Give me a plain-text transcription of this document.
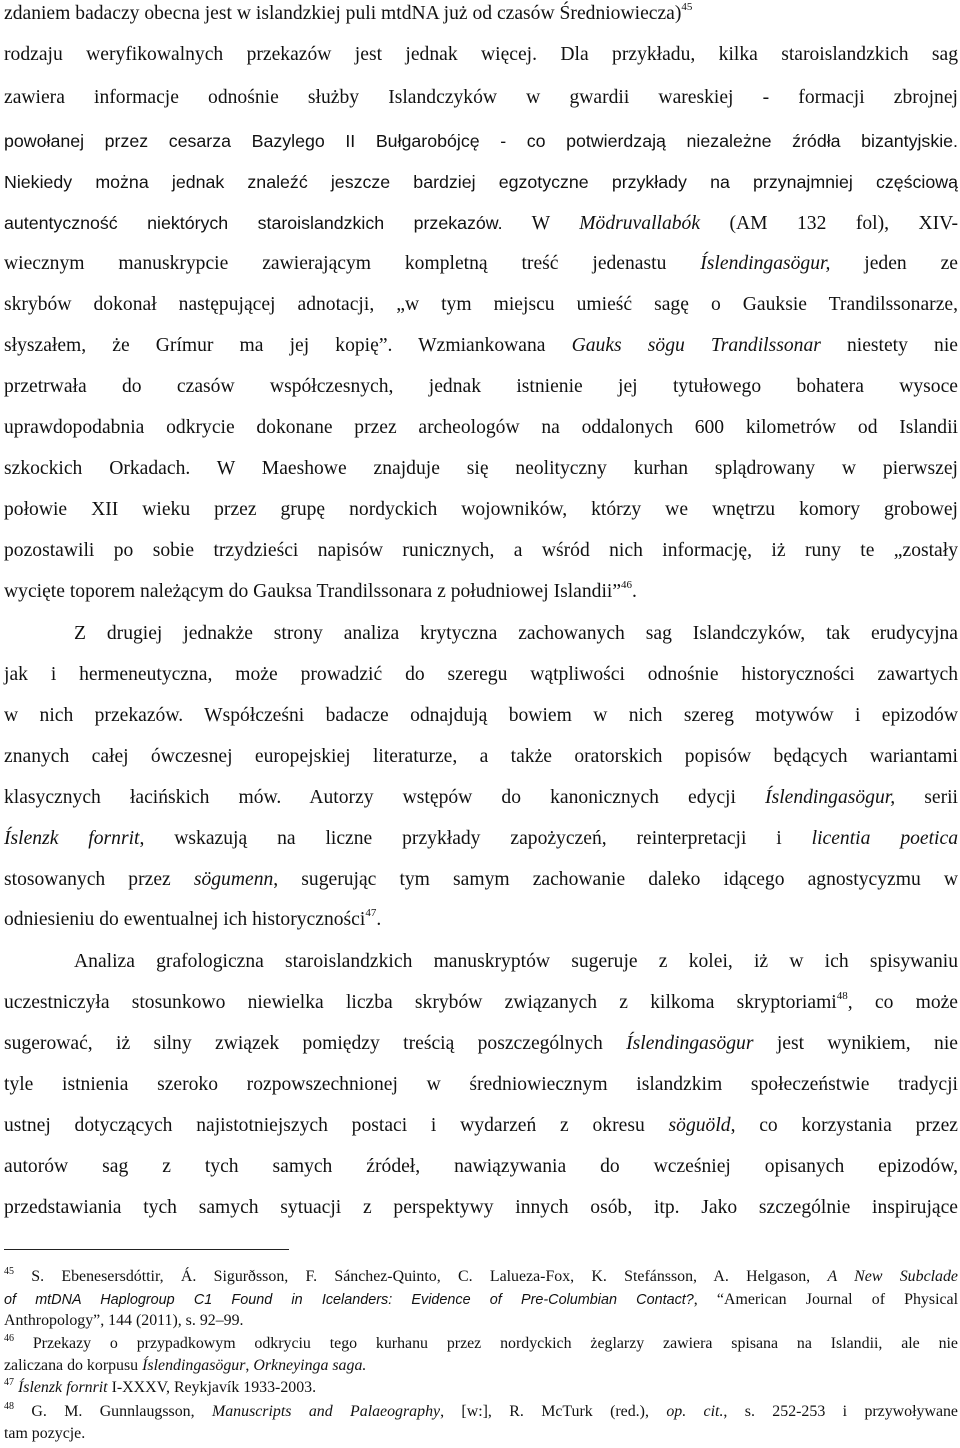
zdaniem badaczy obecna jest w islandzkiej puli mtdNA już od czasów Średniowiecza)$^{45}$
rodzaju weryfikowalnych przekazów jest jednak więcej. Dla przykładu, kilka staroislandzkich sag
zawiera informacje odnośnie służby Islandczyków w gwardii wareskiej - formacji zbrojnej
powołanej przez cesarza Bazylego II Bułgarobójcę - co potwierdzają niezależne źródła bizantyjskie.
Niekiedy można jednak znaleźć jeszcze bardziej egzotyczne przykłady na przynajmniej częściową
autentyczność niektórych staroislandzkich przekazów. W Mödruvallabók (AM 132 fol), XIV-
wiecznym manuskrypcie zawierającym kompletną treść jedenastu Íslendingasögur, jeden ze
skrybów dokonał następującej adnotacji, „w tym miejscu umieść sagę o Gauksie Trandilssonarze,
słyszałem, że Grímur ma jej kopię”. Wzmiankowana Gauks sögu Trandilssonar niestety nie
przetrwała do czasów współczesnych, jednak istnienie jej tytułowego bohatera wysoce
uprawdopodabnia odkrycie dokonane przez archeologów na oddalonych 600 kilometrów od Islandii
szkockich Orkadach. W Maeshowe znajduje się neolityczny kurhan splądrowany w pierwszej
połowie XII wieku przez grupę nordyckich wojowników, którzy we wnętrzu komory grobowej
pozostawili po sobie trzydzieści napisów runicznych, a wśród nich informację, iż runy te „zostały
wycięte toporem należącym do Gauksa Trandilssonara z południowej Islandii”$^{46}$.
Z drugiej jednakże strony analiza krytyczna zachowanych sag Islandczyków, tak erudycyjna
jak i hermeneutyczna, może prowadzić do szeregu wątpliwości odnośnie historyczności zawartych
w nich przekazów. Współcześni badacze odnajdują bowiem w nich szereg motywów i epizodów
znanych całej ówczesnej europejskiej literaturze, a także oratorskich popisów będących wariantami
klasycznych łacińskich mów. Autorzy wstępów do kanonicznych edycji Íslendingasögur, serii
Íslenzk fornrit, wskazują na liczne przykłady zapożyczeń, reinterpretacji i licentia poetica
stosowanych przez sögumenn, sugerując tym samym zachowanie daleko idącego agnostycyzmu w
odniesieniu do ewentualnej ich historyczności$^{47}$.
Analiza grafologiczna staroislandzkich manuskryptów sugeruje z kolei, iż w ich spisywaniu
uczestniczyła stosunkowo niewielka liczba skrybów związanych z kilkoma skryptoriami$^{48}$, co może
sugerować, iż silny związek pomiędzy treścią poszczególnych Íslendingasögur jest wynikiem, nie
tyle istnienia szeroko rozpowszechnionej w średniowiecznym islandzkim społeczeństwie tradycji
ustnej dotyczących najistotniejszych postaci i wydarzeń z okresu söguöld, co korzystania przez
autorów sag z tych samych źródeł, nawiązywania do wcześniej opisanych epizodów,
przedstawiania tych samych sytuacji z perspektywy innych osób, itp. Jako szczególnie inspirujące
$^{45}$ S. Ebenesersdóttir, Á. Sigurðsson, F. Sánchez-Quinto, C. Lalueza-Fox, K. Stefánsson, A. Helgason, A New Subclade
of mtDNA Haplogroup C1 Found in Icelanders: Evidence of Pre-Columbian Contact?, “American Journal of Physical
Anthropology”, 144 (2011), s. 92–99.
$^{46}$ Przekazy o przypadkowym odkryciu tego kurhanu przez nordyckich żeglarzy zawiera spisana na Islandii, ale nie
zaliczana do korpusu Íslendingasögur, Orkneyinga saga.
$^{47}$ Íslenzk fornrit I-XXXV, Reykjavík 1933-2003.
$^{48}$ G. M. Gunnlaugsson, Manuscripts and Palaeography, [w:], R. McTurk (red.), op. cit., s. 252-253 i przywoływane
tam pozycje.
